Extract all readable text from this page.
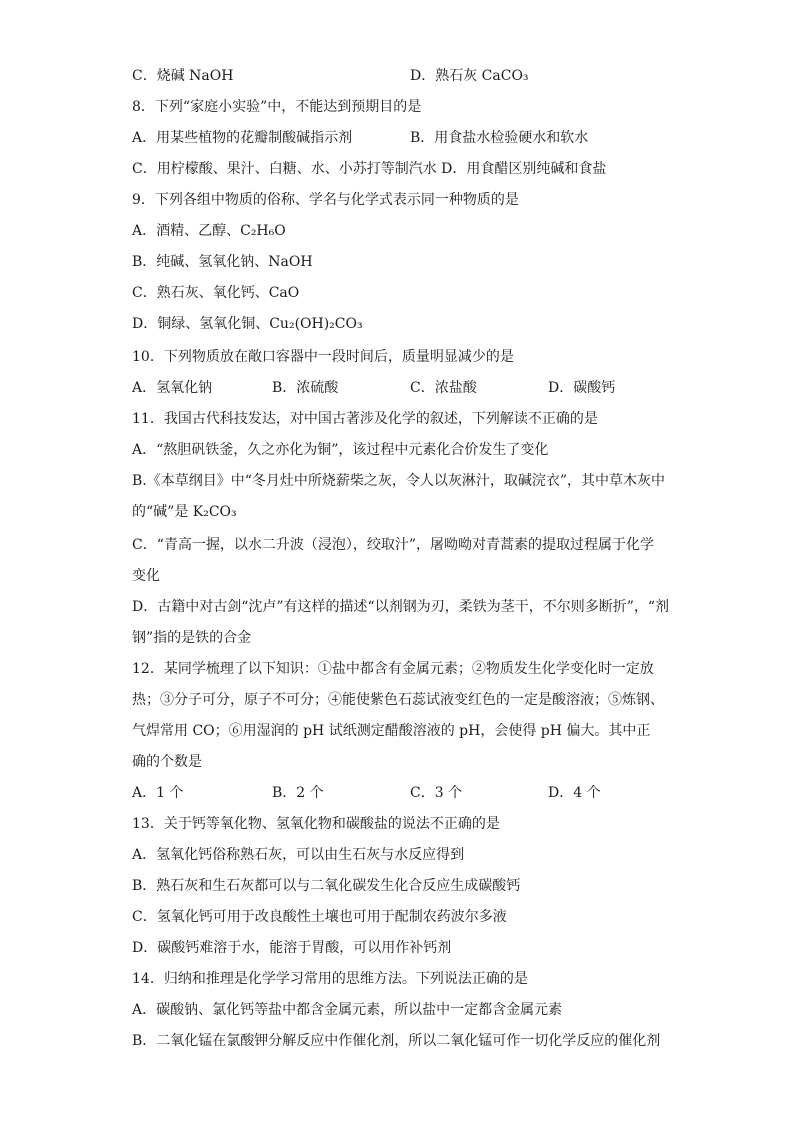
C．烧碱 NaOH	D．熟石灰 CaCO₃
8．下列“家庭小实验”中，不能达到预期目的是
A．用某些植物的花瓣制酸碱指示剂	B．用食盐水检验硬水和软水
C．用柠檬酸、果汁、白糖、水、小苏打等制汽水 D．用食醋区别纯碱和食盐
9．下列各组中物质的俗称、学名与化学式表示同一种物质的是
A．酒精、乙醇、C₂H₆O
B．纯碱、氢氧化钠、NaOH
C．熟石灰、氧化钙、CaO
D．铜绿、氢氧化铜、Cu₂(OH)₂CO₃
10．下列物质放在敞口容器中一段时间后，质量明显减少的是
A．氢氧化钠	B．浓硫酸	C．浓盐酸	D．碳酸钙
11．我国古代科技发达，对中国古著涉及化学的叙述，下列解读不正确的是
A．“熬胆矾铁釜，久之亦化为铜”，该过程中元素化合价发生了变化
B.《本草纲目》中“冬月灶中所烧薪柴之灰，令人以灰淋汁，取碱浣衣”，其中草木灰中
的“碱”是 K₂CO₃
C．“青高一握，以水二升波（浸泡），绞取汁”，屠呦呦对青蒿素的提取过程属于化学
变化
D．古籍中对古剑“沈卢”有这样的描述“以剂钢为刃，柔铁为茎干，不尔则多断折”，“剂
钢”指的是铁的合金
12．某同学梳理了以下知识：①盐中都含有金属元素；②物质发生化学变化时一定放
热；③分子可分，原子不可分；④能使紫色石蕊试液变红色的一定是酸溶液；⑤炼钢、
气焊常用 CO；⑥用湿润的 pH 试纸测定醋酸溶液的 pH，会使得 pH 偏大。其中正
确的个数是
A．1 个	B．2 个	C．3 个	D．4 个
13．关于钙等氧化物、氢氧化物和碳酸盐的说法不正确的是
A．氢氧化钙俗称熟石灰，可以由生石灰与水反应得到
B．熟石灰和生石灰都可以与二氧化碳发生化合反应生成碳酸钙
C．氢氧化钙可用于改良酸性土壤也可用于配制农药波尔多液
D．碳酸钙难溶于水，能溶于胃酸，可以用作补钙剂
14．归纳和推理是化学学习常用的思维方法。下列说法正确的是
A．碳酸钠、氯化钙等盐中都含金属元素，所以盐中一定都含金属元素
B．二氧化锰在氯酸钾分解反应中作催化剂，所以二氧化锰可作一切化学反应的催化剂
